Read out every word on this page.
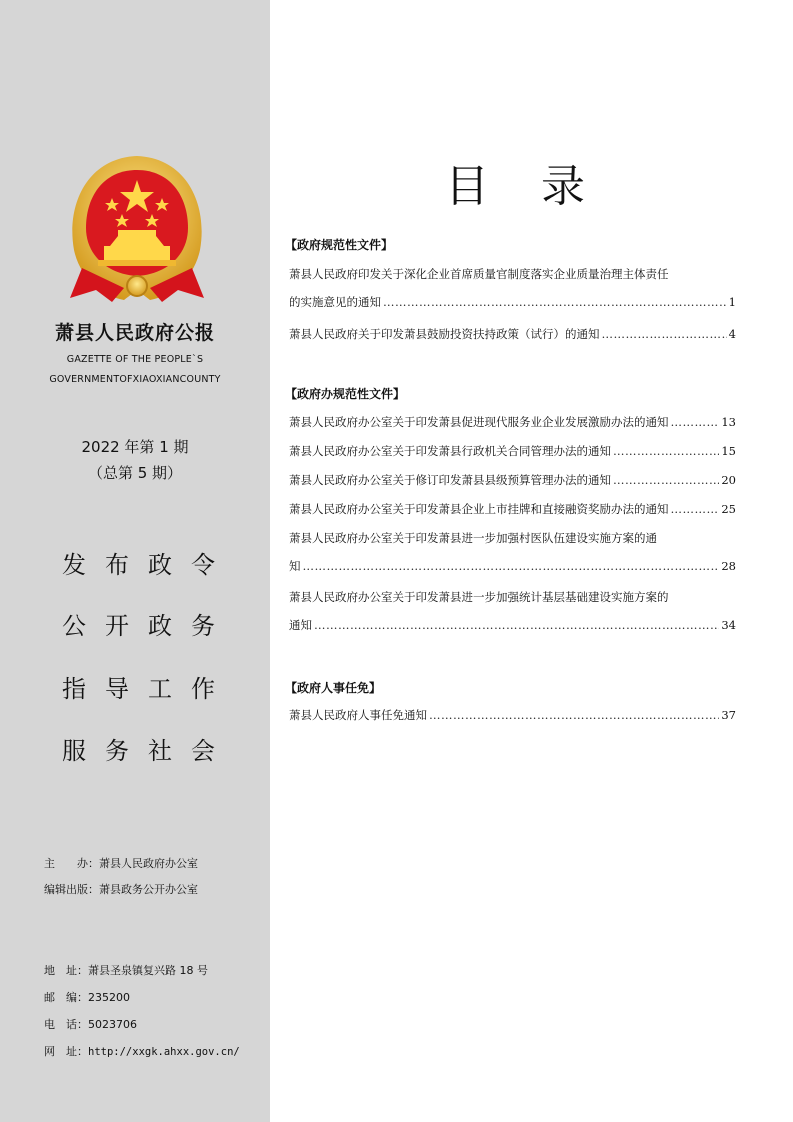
萧县人民政府公报
GAZETTE OF THE PEOPLE`S
GOVERNMENTOFXIAOXIANCOUNTY
2022 年第 1 期
（总第 5 期）
发布政令
公开政务
指导工作
服务社会
主　　办：萧县人民政府办公室
编辑出版：萧县政务公开办公室
地　址：萧县圣泉镇复兴路 18 号
邮　编：235200
电　话：5023706
网　址：http://xxgk.ahxx.gov.cn/
目录
【政府规范性文件】
萧县人民政府印发关于深化企业首席质量官制度落实企业质量治理主体责任
的实施意见的通知 …………………………………………………………………………………………………………………………………………………………………………	1
萧县人民政府关于印发萧县鼓励投资扶持政策（试行）的通知 …………………………………………………………………………………………………………………………………………………………………………	4
【政府办规范性文件】
萧县人民政府办公室关于印发萧县促进现代服务业企业发展激励办法的通知 …………………………………………………………………………………………………………………………………………………………………………	13
萧县人民政府办公室关于印发萧县行政机关合同管理办法的通知 …………………………………………………………………………………………………………………………………………………………………………	15
萧县人民政府办公室关于修订印发萧县县级预算管理办法的通知 …………………………………………………………………………………………………………………………………………………………………………	20
萧县人民政府办公室关于印发萧县企业上市挂牌和直接融资奖励办法的通知 …………………………………………………………………………………………………………………………………………………………………………	25
萧县人民政府办公室关于印发萧县进一步加强村医队伍建设实施方案的通
知 …………………………………………………………………………………………………………………………………………………………………………	28
萧县人民政府办公室关于印发萧县进一步加强统计基层基础建设实施方案的
通知 …………………………………………………………………………………………………………………………………………………………………………	34
【政府人事任免】
萧县人民政府人事任免通知 …………………………………………………………………………………………………………………………………………………………………………	37
